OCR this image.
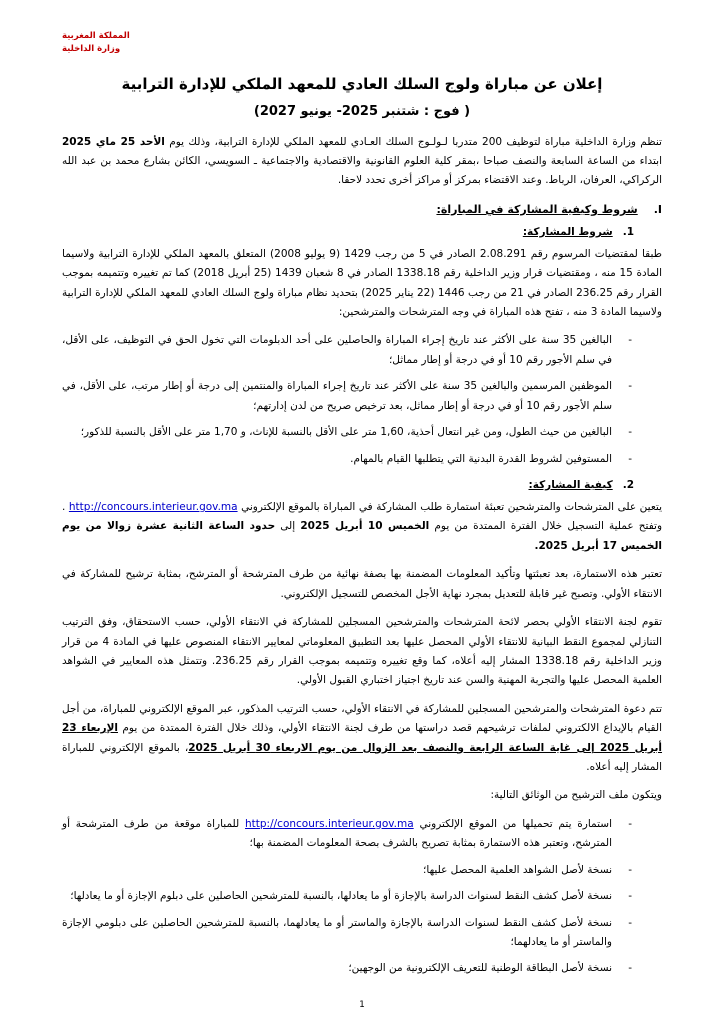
المملكة المغربية
وزارة الداخلية
إعلان عن مباراة ولوج السلك العادي للمعهد الملكي للإدارة الترابية
( فوج : شتنبر 2025- يونيو 2027)

تنظم وزارة الداخلية مباراة لتوظيف 200 متدربا لـولـوج السلك العـادي للمعهد الملكي للإدارة الترابية، وذلك يوم الأحد 25 ماي 2025 ابتداء من الساعة السابعة والنصف صباحا ،بمقر كلية العلوم القانونية والاقتصادية والاجتماعية ـ السويسي، الكائن بشارع محمد بن عبد الله الركراكي، العرفان، الرباط. وعند الاقتضاء بمركز أو مراكز أخرى تحدد لاحقا.

I.شروط وكيفية المشاركة في المباراة:
1.شروط المشاركة:

طبقا لمقتضيات المرسوم رقم 2.08.291 الصادر في 5 من رجب 1429 (9 يوليو 2008) المتعلق بالمعهد الملكي للإدارة الترابية ولاسيما المادة 15 منه ، ومقتضيات قرار وزير الداخلية رقم 1338.18 الصادر في 8 شعبان 1439 (25 أبريل 2018) كما تم تغييره وتتميمه بموجب القرار رقم 236.25 الصادر في 21 من رجب 1446 (22 يناير 2025) بتحديد نظام مباراة ولوج السلك العادي للمعهد الملكي للإدارة الترابية ولاسيما المادة 3 منه ، تفتح هذه المباراة في وجه المترشحات والمترشحين:

- البالغين 35 سنة على الأكثر عند تاريخ إجراء المباراة والحاصلين على أحد الدبلومات التي تخول الحق في التوظيف، على الأقل، في سلم الأجور رقم 10 أو في درجة أو إطار مماثل؛
- الموظفين المرسمين والبالغين 35 سنة على الأكثر عند تاريخ إجراء المباراة والمنتمين إلى درجة أو إطار مرتب، على الأقل، في سلم الأجور رقم 10 أو في درجة أو إطار مماثل، بعد ترخيص صريح من لدن إدارتهم؛
- البالغين من حيث الطول، ومن غير انتعال أحذية، 1,60 متر على الأقل بالنسبة للإناث، و 1,70 متر على الأقل بالنسبة للذكور؛
- المستوفين لشروط القدرة البدنية التي يتطلبها القيام بالمهام.
2.كيفية المشاركة:

يتعين على المترشحات والمترشحين تعبئة استمارة طلب المشاركة في المباراة بالموقع الإلكتروني http://concours.interieur.gov.ma . وتفتح عملية التسجيل خلال الفترة الممتدة من يوم الخميس 10 أبريل 2025 إلى حدود الساعة الثانية عشرة زوالا من يوم الخميس 17 أبريل 2025.

تعتبر هذه الاستمارة، بعد تعبئتها وتأكيد المعلومات المضمنة بها بصفة نهائية من طرف المترشحة أو المترشح، بمثابة ترشيح للمشاركة في الانتقاء الأولي. وتصبح غير قابلة للتعديل بمجرد نهاية الأجل المخصص للتسجيل الإلكتروني.

تقوم لجنة الانتقاء الأولي بحصر لائحة المترشحات والمترشحين المسجلين للمشاركة في الانتقاء الأولي، حسب الاستحقاق، وفق الترتيب التنازلي لمجموع النقط البيانية للانتقاء الأولي المحصل عليها بعد التطبيق المعلوماتي لمعايير الانتقاء المنصوص عليها في المادة 4 من قرار وزير الداخلية رقم 1338.18 المشار إليه أعلاه، كما وقع تغييره وتتميمه بموجب القرار رقم 236.25. وتتمثل هذه المعايير في الشواهد العلمية المحصل عليها والتجربة المهنية والسن عند تاريخ اجتياز اختباري القبول الأولي.

تتم دعوة المترشحات والمترشحين المسجلين للمشاركة في الانتقاء الأولي، حسب الترتيب المذكور، عبر الموقع الإلكتروني للمباراة، من أجل القيام بالإيداع الالكتروني لملفات ترشيحهم قصد دراستها من طرف لجنة الانتقاء الأولي، وذلك خلال الفترة الممتدة من يوم الإربعاء 23 أبريل 2025 إلى غاية الساعة الرابعة والنصف بعد الزوال من يوم الاربعاء 30 أبريل 2025، بالموقع الإلكتروني للمباراة المشار إليه أعلاه.

ويتكون ملف الترشيح من الوثائق التالية:

- استمارة يتم تحميلها من الموقع الإلكتروني http://concours.interieur.gov.ma للمباراة موقعة من طرف المترشحة أو المترشح، وتعتبر هذه الاستمارة بمثابة تصريح بالشرف بصحة المعلومات المضمنة بها؛
- نسخة لأصل الشواهد العلمية المحصل عليها؛
- نسخة لأصل كشف النقط لسنوات الدراسة بالإجازة أو ما يعادلها، بالنسبة للمترشحين الحاصلين على دبلوم الإجازة أو ما يعادلها؛
- نسخة لأصل كشف النقط لسنوات الدراسة بالإجازة والماستر أو ما يعادلهما، بالنسبة للمترشحين الحاصلين على دبلومي الإجازة والماستر أو ما يعادلهما؛
- نسخة لأصل البطاقة الوطنية للتعريف الإلكترونية من الوجهين؛
1
